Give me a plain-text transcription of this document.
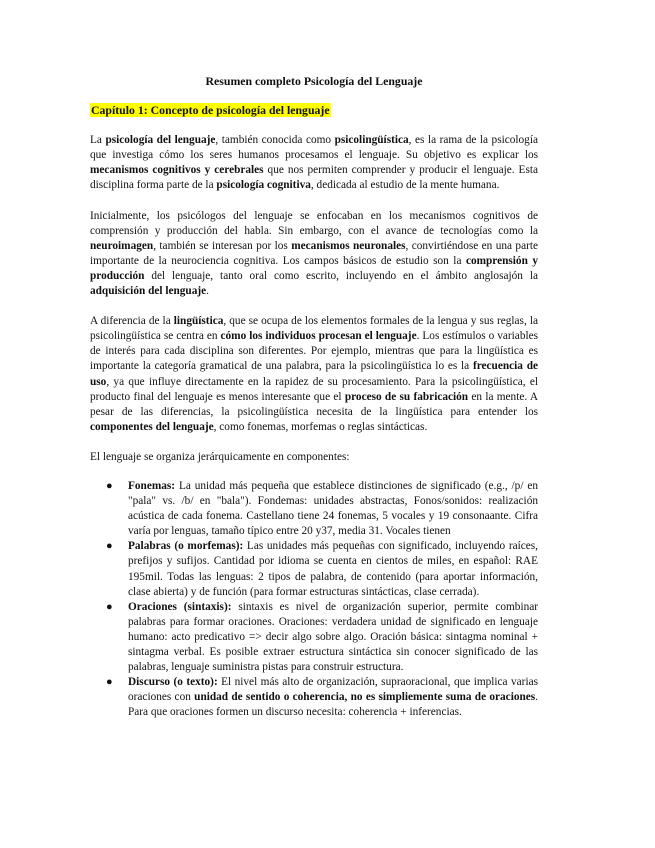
Resumen completo Psicología del Lenguaje
Capítulo 1: Concepto de psicología del lenguaje

La psicología del lenguaje, también conocida como psicolingüística, es la rama de la psicología que investiga cómo los seres humanos procesamos el lenguaje. Su objetivo es explicar los mecanismos cognitivos y cerebrales que nos permiten comprender y producir el lenguaje. Esta disciplina forma parte de la psicología cognitiva, dedicada al estudio de la mente humana.

Inicialmente, los psicólogos del lenguaje se enfocaban en los mecanismos cognitivos de comprensión y producción del habla. Sin embargo, con el avance de tecnologías como la neuroimagen, también se interesan por los mecanismos neuronales, convirtiéndose en una parte importante de la neurociencia cognitiva. Los campos básicos de estudio son la comprensión y producción del lenguaje, tanto oral como escrito, incluyendo en el ámbito anglosajón la adquisición del lenguaje.

A diferencia de la lingüística, que se ocupa de los elementos formales de la lengua y sus reglas, la psicolingüística se centra en cómo los individuos procesan el lenguaje. Los estímulos o variables de interés para cada disciplina son diferentes. Por ejemplo, mientras que para la lingüística es importante la categoría gramatical de una palabra, para la psicolingüística lo es la frecuencia de uso, ya que influye directamente en la rapidez de su procesamiento. Para la psicolingüística, el producto final del lenguaje es menos interesante que el proceso de su fabricación en la mente. A pesar de las diferencias, la psicolingüística necesita de la lingüística para entender los componentes del lenguaje, como fonemas, morfemas o reglas sintácticas.

El lenguaje se organiza jerárquicamente en componentes:

● Fonemas: La unidad más pequeña que establece distinciones de significado (e.g., /p/ en "pala" vs. /b/ en "bala"). Fondemas: unidades abstractas, Fonos/sonidos: realización acústica de cada fonema. Castellano tiene 24 fonemas, 5 vocales y 19 consonaante. Cifra varía por lenguas, tamaño típico entre 20 y37, media 31. Vocales tienen
● Palabras (o morfemas): Las unidades más pequeñas con significado, incluyendo raíces, prefijos y sufijos. Cantidad por idioma se cuenta en cientos de miles, en español: RAE 195mil. Todas las lenguas: 2 tipos de palabra, de contenido (para aportar información, clase abierta) y de función (para formar estructuras sintácticas, clase cerrada).
● Oraciones (sintaxis): sintaxis es nivel de organización superior, permite combinar palabras para formar oraciones. Oraciones: verdadera unidad de significado en lenguaje humano: acto predicativo => decir algo sobre algo. Oración básica: sintagma nominal + sintagma verbal. Es posible extraer estructura sintáctica sin conocer significado de las palabras, lenguaje suministra pistas para construir estructura.
● Discurso (o texto): El nivel más alto de organización, supraoracional, que implica varias oraciones con unidad de sentido o coherencia, no es simpliemente suma de oraciones. Para que oraciones formen un discurso necesita: coherencia + inferencias.
